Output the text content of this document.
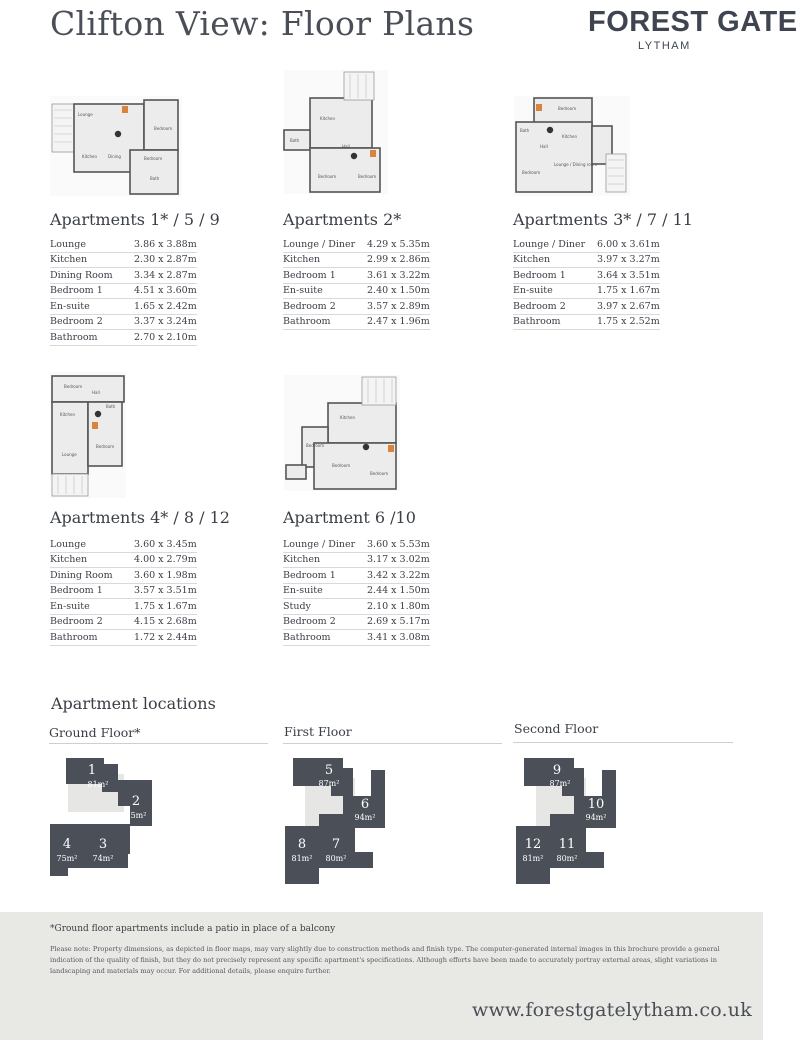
Clifton View: Floor Plans	FOREST GATE
LYTHAM
Lounge
Bedroom
Kitchen	Dining	Bedroom
Bath
Kitchen
Bath
Hall
Bedroom	Bedroom
Bedroom
Bath
Kitchen
Hall
Lounge / Dining room
Bedroom
Bedroom
Hall
Kitchen
Bath
Lounge
Bedroom
Kitchen
Bedroom
Bedroom
Bedroom
Apartments 1* / 5 / 9
Lounge	3.86 x 3.88m
Kitchen	2.30 x 2.87m
Dining Room	3.34 x 2.87m
Bedroom 1	4.51 x 3.60m
En-suite	1.65 x 2.42m
Bedroom 2	3.37 x 3.24m
Bathroom	2.70 x 2.10m
Apartments 2*
Lounge / Diner	4.29 x 5.35m
Kitchen	2.99 x 2.86m
Bedroom 1	3.61 x 3.22m
En-suite	2.40 x 1.50m
Bedroom 2	3.57 x 2.89m
Bathroom	2.47 x 1.96m
Apartments 3* / 7 / 11
Lounge / Diner	6.00 x 3.61m
Kitchen	3.97 x 3.27m
Bedroom 1	3.64 x 3.51m
En-suite	1.75 x 1.67m
Bedroom 2	3.97 x 2.67m
Bathroom	1.75 x 2.52m
Apartments 4* / 8 / 12
Lounge	3.60 x 3.45m
Kitchen	4.00 x 2.79m
Dining Room	3.60 x 1.98m
Bedroom 1	3.57 x 3.51m
En-suite	1.75 x 1.67m
Bedroom 2	4.15 x 2.68m
Bathroom	1.72 x 2.44m
Apartment 6 /10
Lounge / Diner	3.60 x 5.53m
Kitchen	3.17 x 3.02m
Bedroom 1	3.42 x 3.22m
En-suite	2.44 x 1.50m
Study	2.10 x 1.80m
Bedroom 2	2.69 x 5.17m
Bathroom	3.41 x 3.08m
Apartment locations
Ground Floor*	First Floor	Second Floor
1
81m²
2
75m²
3
74m²
4
75m²
5
87m²
6
94m²
7
80m²
8
81m²
9
87m²
10
94m²
11
80m²
12
81m²
*Ground floor apartments include a patio in place of a balcony
Please note: Property dimensions, as depicted in floor maps, may vary slightly due to construction methods and finish type. The computer-generated internal images in this brochure provide a general indication of the quality of finish, but they do not precisely represent any specific apartment's specifications. Although efforts have been made to accurately portray external areas, slight variations in landscaping and materials may occur. For additional details, please enquire further.
www.forestgatelytham.co.uk
